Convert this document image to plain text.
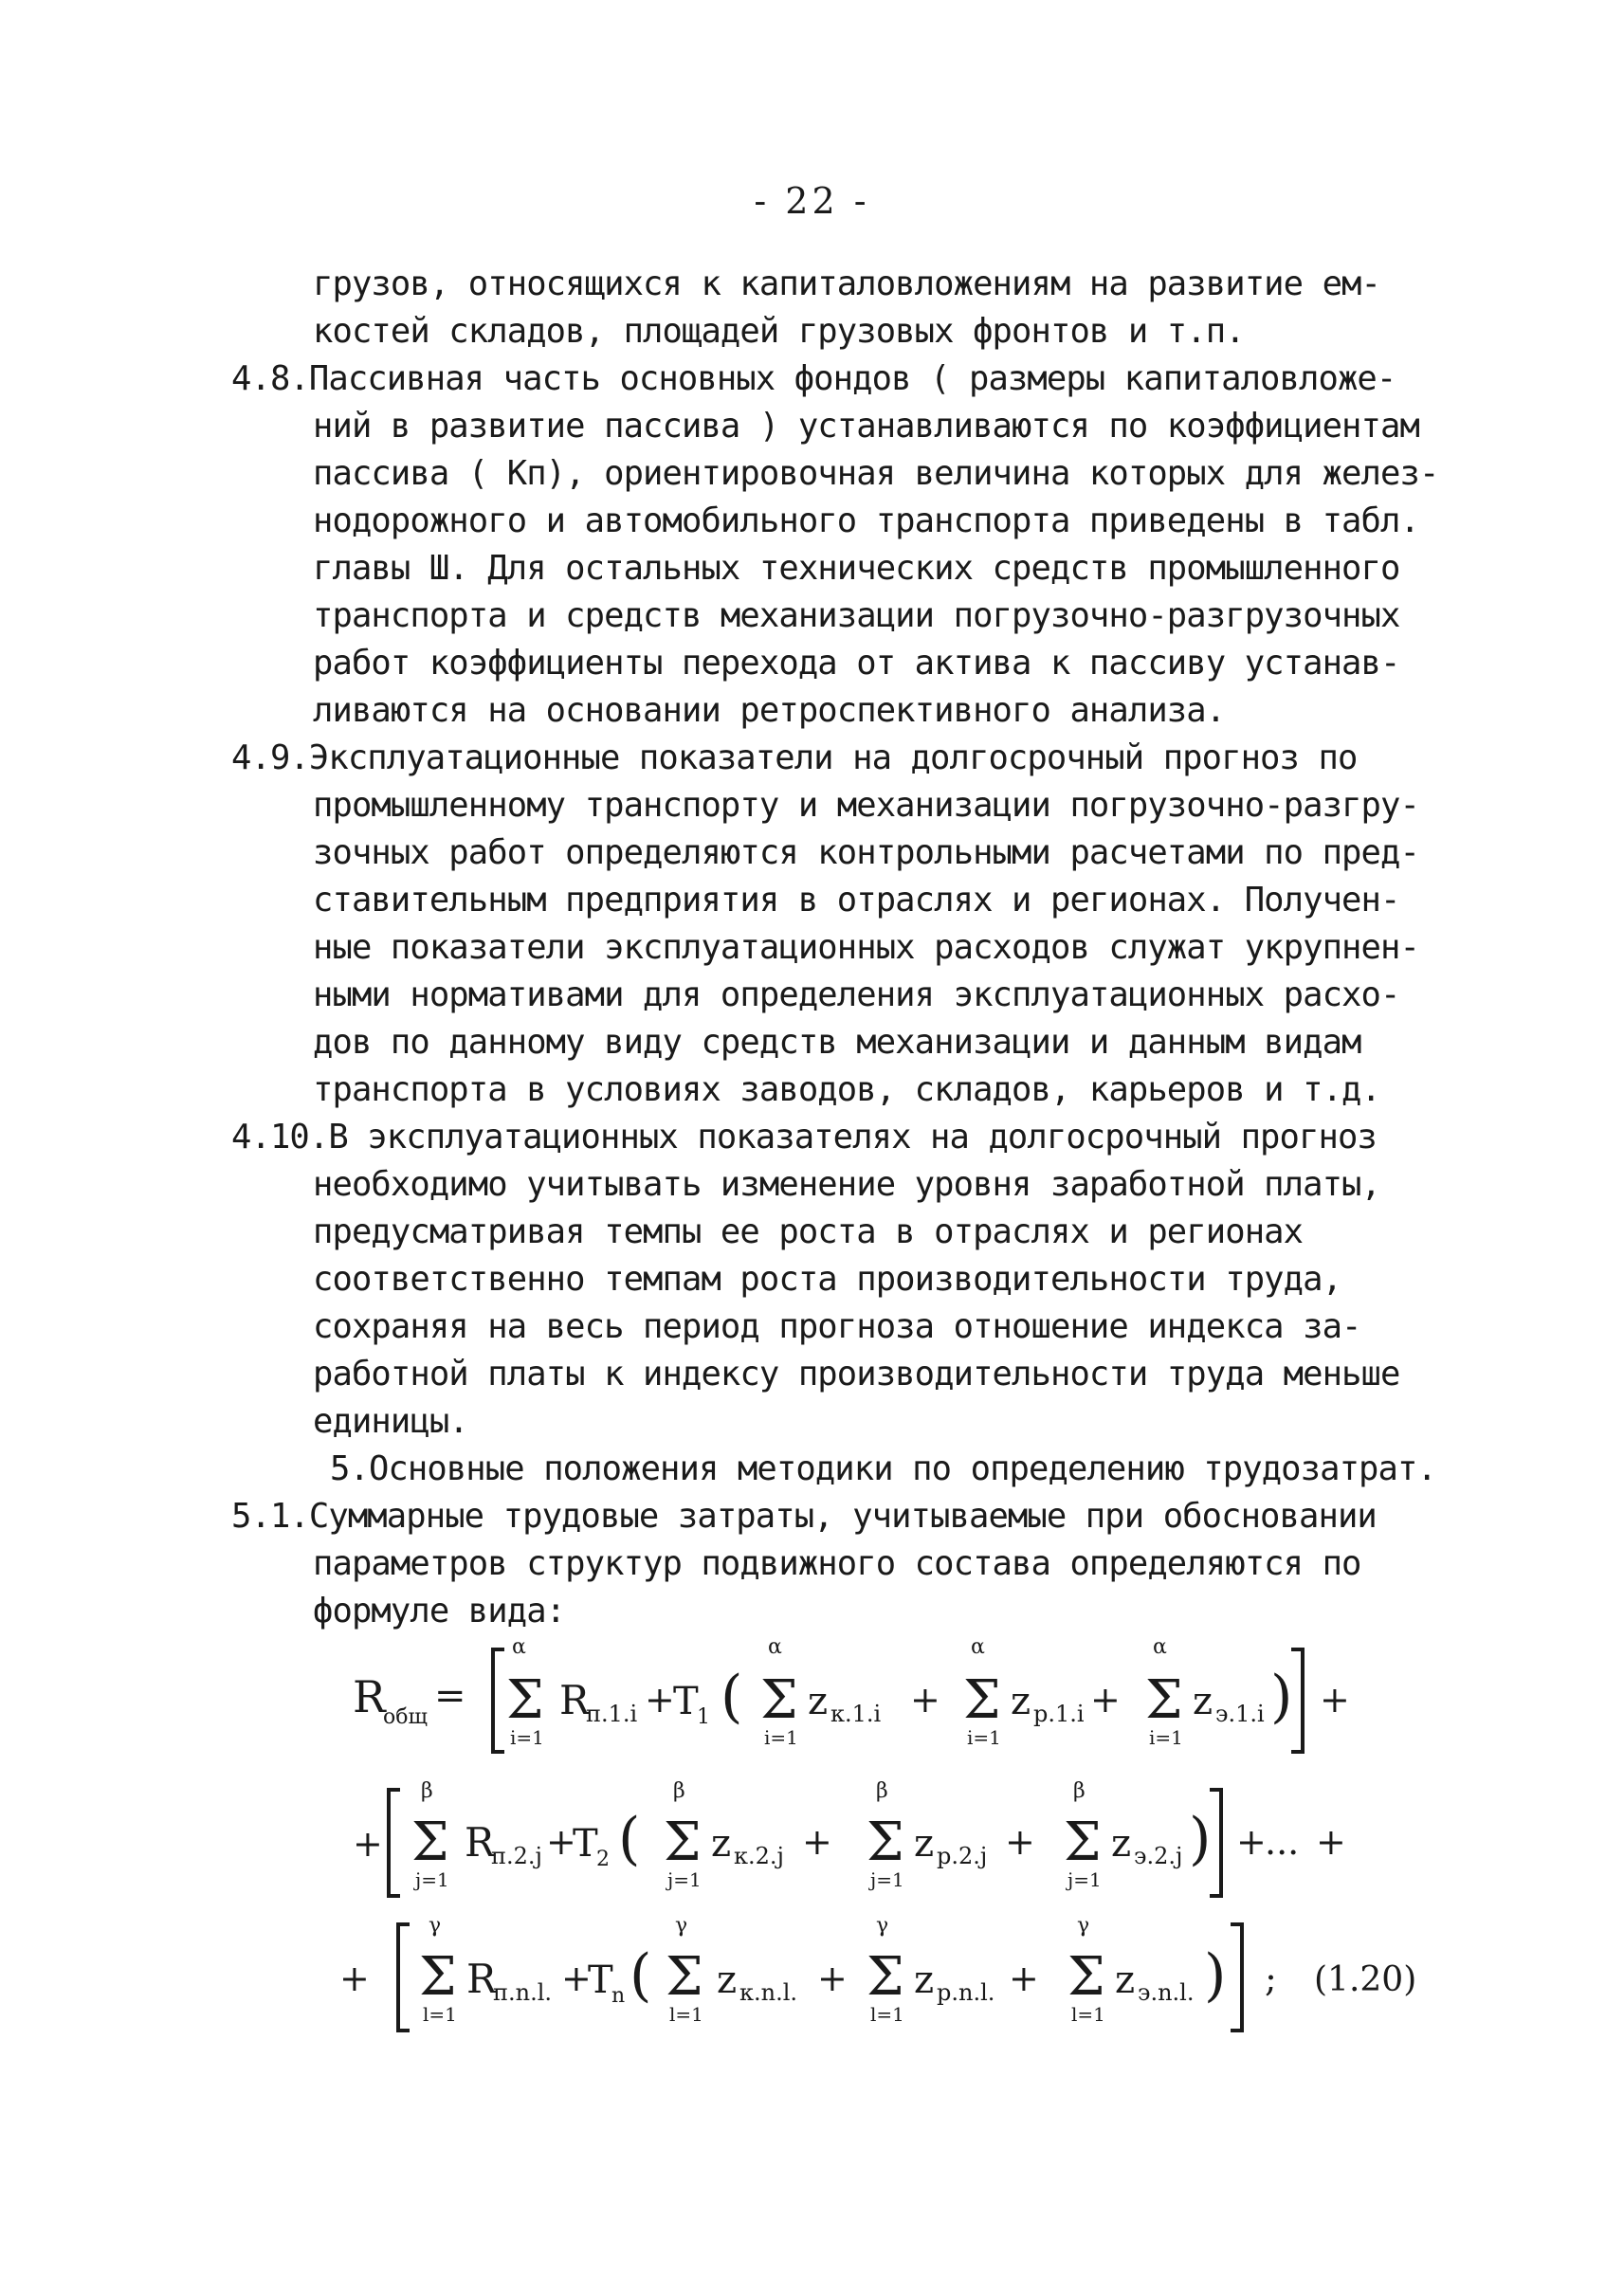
- 22 -
грузов, относящихся к капиталовложениям на развитие ем-
костей складов, площадей грузовых фронтов и т.п.
4.8.Пассивная часть основных фондов ( размеры капиталовложе-
ний в развитие пассива ) устанавливаются по коэффициентам
пассива ( Кп), ориентировочная величина которых для желез-
нодорожного и автомобильного транспорта приведены в табл.
главы Ш. Для остальных технических средств промышленного
транспорта и средств механизации погрузочно-разгрузочных
работ коэффициенты перехода от актива к пассиву устанав-
ливаются на основании ретроспективного анализа.
4.9.Эксплуатационные показатели на долгосрочный прогноз по
промышленному транспорту и механизации погрузочно-разгру-
зочных работ определяются контрольными расчетами по пред-
ставительным предприятия в отраслях и регионах. Получен-
ные показатели эксплуатационных расходов служат укрупнен-
ными нормативами для определения эксплуатационных расхо-
дов по данному виду средств механизации и данным видам
транспорта в условиях заводов, складов, карьеров и т.д.
4.10.В эксплуатационных показателях на долгосрочный прогноз
необходимо учитывать изменение уровня заработной платы,
предусматривая темпы ее роста в отраслях и регионах
соответственно темпам роста производительности труда,
сохраняя на весь период прогноза отношение индекса за-
работной платы к индексу производительности труда меньше
единицы.
5.Основные положения методики по определению трудозатрат.
5.1.Суммарные трудовые затраты, учитываемые при обосновании
параметров структур подвижного состава определяются по
формуле вида:
R
общ =
α
Σ
i=1
R
п.1.i +
T
1 (
α
Σ
i=1
z к.1.i +
α
Σ
i=1
z р.1.i +
α
Σ
i=1
z э.1.i ) +
+
β
Σ
j=1
R
п.2.j +
T
2 (
β
Σ
j=1
z к.2.j +
β
Σ
j=1
z р.2.j +
β
Σ
j=1
z э.2.j ) +
... +
+
γ
Σ
l=1
R
п.n.l. +
T
n (
γ
Σ
l=1
z к.n.l. +
γ
Σ
l=1
z р.n.l. +
γ
Σ
l=1
z э.n.l. ) ; (1.20)
